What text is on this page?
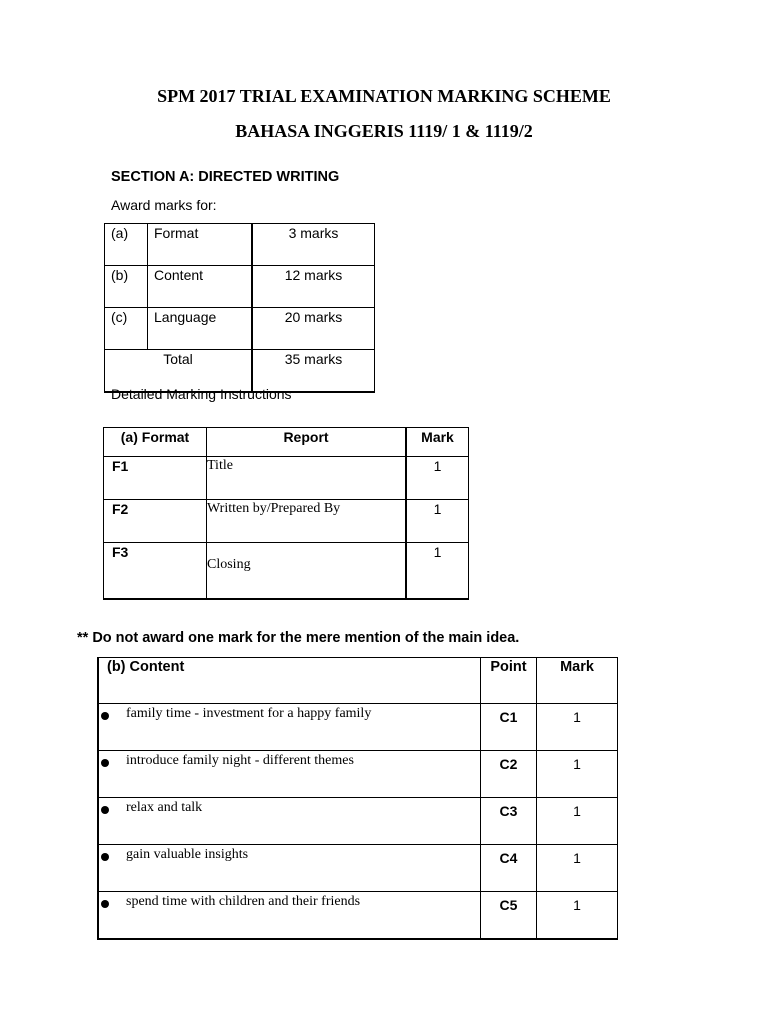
SPM 2017 TRIAL EXAMINATION MARKING SCHEME
BAHASA INGGERIS 1119/ 1 & 1119/2
SECTION A: DIRECTED WRITING
Award marks for:
(a)	Format	3 marks
(b)	Content	12 marks
(c)	Language	20 marks
Total		35 marks
Detailed Marking Instructions
(a) Format	Report	Mark
F1	Title	1
F2	Written by/Prepared By	1
F3	Closing	1
** Do not award one mark for the mere mention of the main idea.
(b) Content	Point	Mark

family time - investment for a happy family	C1	1

introduce family night - different themes	C2	1

relax and talk	C3	1

gain valuable insights	C4	1

spend time with children and their friends	C5	1
